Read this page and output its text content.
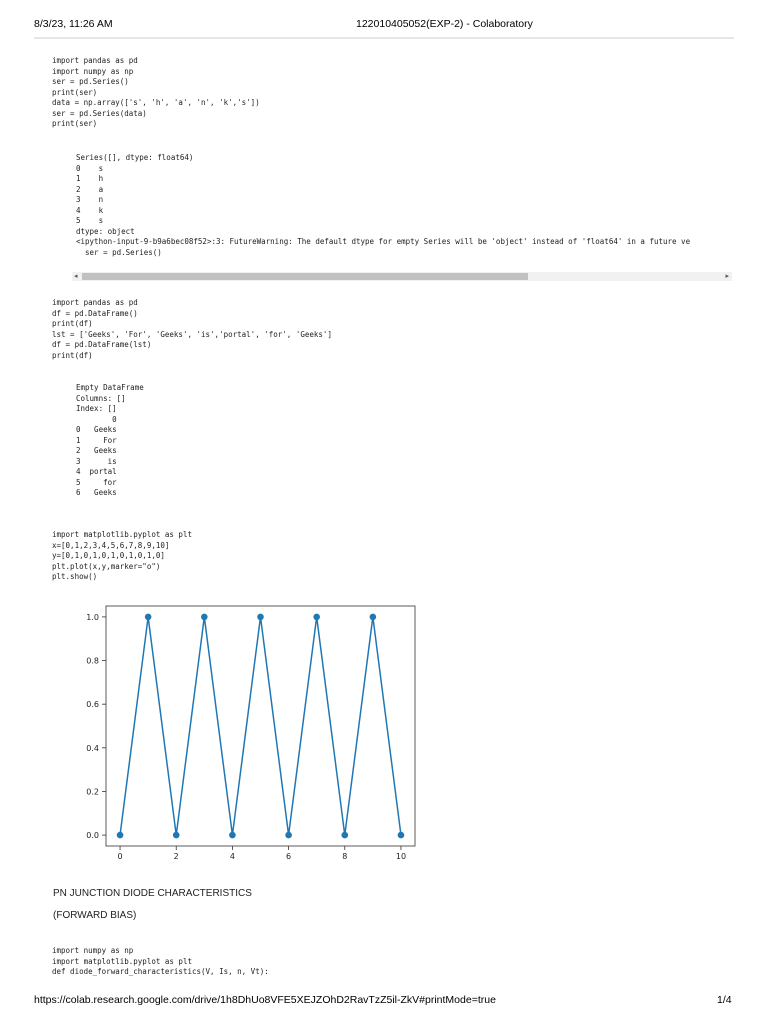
8/3/23, 11:26 AM	122010405052(EXP-2) - Colaboratory
import pandas as pd
import numpy as np
ser = pd.Series()
print(ser)
data = np.array(['s', 'h', 'a', 'n', 'k','s'])
ser = pd.Series(data)
print(ser)
Series([], dtype: float64)
0    s
1    h
2    a
3    n
4    k
5    s
dtype: object
<ipython-input-9-b9a6bec08f52>:3: FutureWarning: The default dtype for empty Series will be 'object' instead of 'float64' in a future ve
ser = pd.Series()
◂	▸
import pandas as pd
df = pd.DataFrame()
print(df)
lst = ['Geeks', 'For', 'Geeks', 'is','portal', 'for', 'Geeks']
df = pd.DataFrame(lst)
print(df)
Empty DataFrame
Columns: []
Index: []
0
0   Geeks
1     For
2   Geeks
3      is
4  portal
5     for
6   Geeks
import matplotlib.pyplot as plt
x=[0,1,2,3,4,5,6,7,8,9,10]
y=[0,1,0,1,0,1,0,1,0,1,0]
plt.plot(x,y,marker="o")
plt.show()
0	2	4	6	8	10
0.0
0.2
0.4
0.6
0.8
1.0
PN JUNCTION DIODE CHARACTERISTICS
(FORWARD BIAS)
import numpy as np
import matplotlib.pyplot as plt
def diode_forward_characteristics(V, Is, n, Vt):
https://colab.research.google.com/drive/1h8DhUo8VFE5XEJZOhD2RavTzZ5il-ZkV#printMode=true	1/4
